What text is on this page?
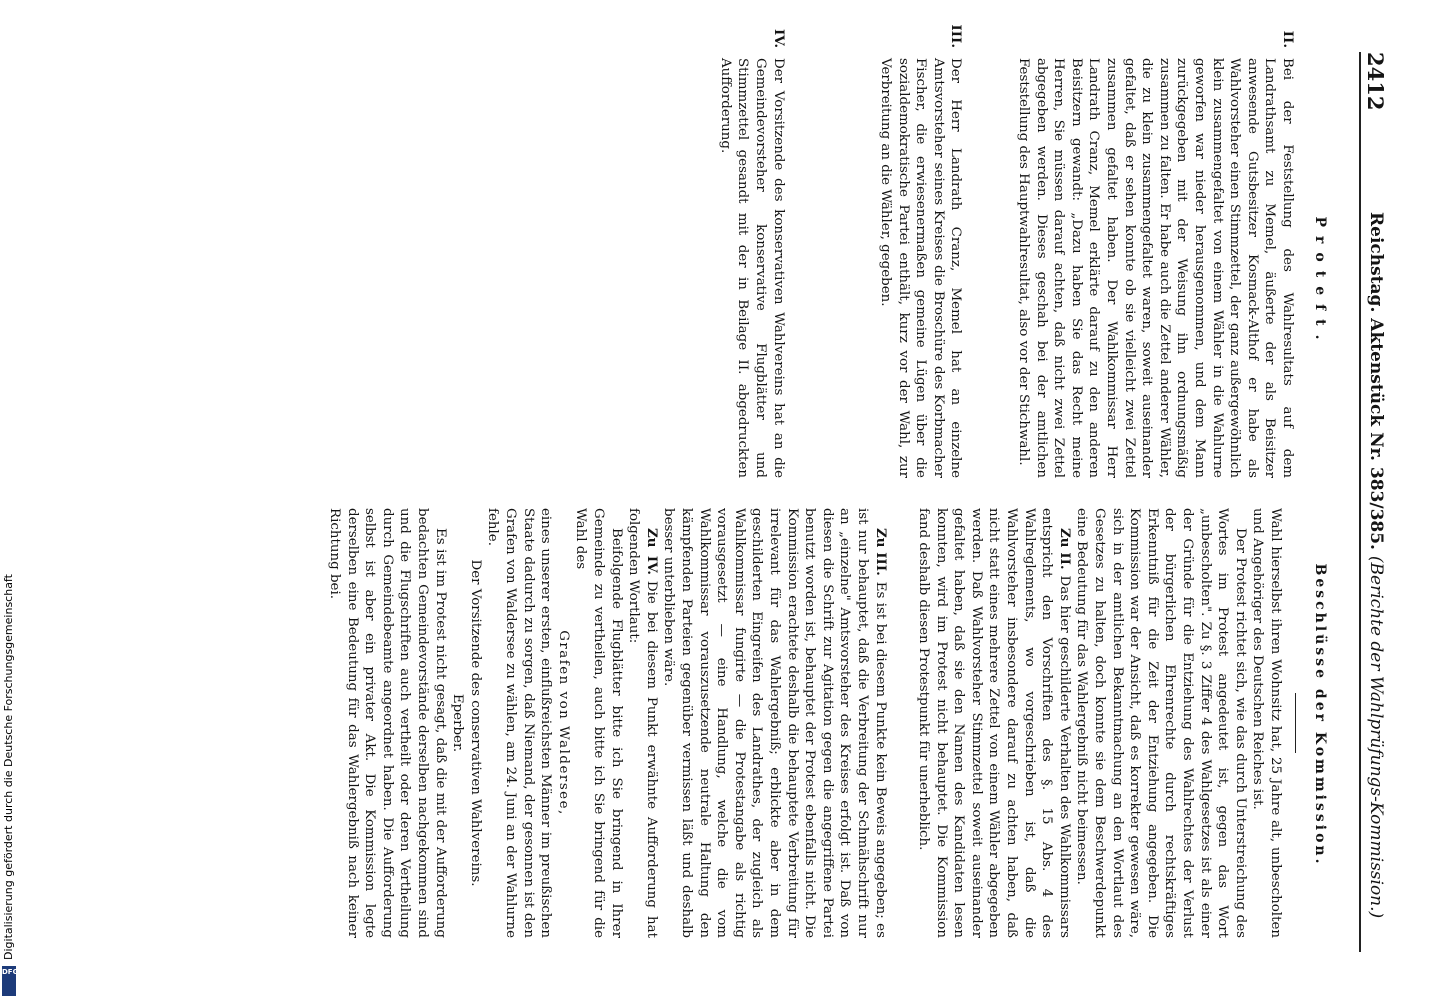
2412
Reichstag. Aktenstück Nr. 383/385. (Berichte der Wahlprüfungs-Kommission.)
Proteft.
Beschlüsse der Kommission.

II.
Bei der Feststellung des Wahlresultats auf dem Landrathsamt zu Memel, äußerte der als Beisitzer anwesende Gutsbesitzer Kosmack-Althof er habe als Wahlvorsteher einen Stimmzettel, der ganz außergewöhnlich klein zusammengefaltet von einem Wähler in die Wahlurne geworfen war nieder herausgenommen, und dem Mann zurückgegeben mit der Weisung ihn ordnungsmäßig zusammen zu falten. Er habe auch die Zettel anderer Wähler, die zu klein zusammengefaltet waren, soweit auseinander gefaltet, daß er sehen konnte ob sie vielleicht zwei Zettel zusammen gefaltet haben. Der Wahlkommissar Herr Landrath Cranz, Memel erklärte darauf zu den anderen Beisitzern gewandt: „Dazu haben Sie das Recht meine Herren, Sie müssen darauf achten, daß nicht zwei Zettel abgegeben werden. Dieses geschah bei der amtlichen Feststellung des Hauptwahlresultat, also vor der Stichwahl.

III.
Der Herr Landrath Cranz, Memel hat an einzelne Amtsvorsteher seines Kreises die Broschüre des Korbmacher Fischer, die erwiesenermaßen gemeine Lügen über die sozialdemokratische Partei enthält, kurz vor der Wahl, zur Verbreitung an die Wähler, gegeben.

IV.
Der Vorsitzende des konservativen Wahlvereins hat an die Gemeindevorsteher konservative Flugblätter und Stimmzettel gesandt mit der in Beilage II. abgedruckten Aufforderung.

Wahl hierselbst ihren Wohnsitz hat, 25 Jahre alt, unbescholten und Angehöriger des Deutschen Reiches ist.

Der Protest richtet sich, wie das durch Unterstreichung des Wortes im Protest angedeutet ist, gegen das Wort „unbescholten". Zu §. 3 Ziffer 4 des Wahlgesetzes ist als einer der Gründe für die Entziehung des Wahlrechtes der Verlust der bürgerlichen Ehrenrechte durch rechtskräftiges Erkenntniß für die Zeit der Entziehung angegeben. Die Kommission war der Ansicht, daß es korrekter gewesen wäre, sich in der amtlichen Bekanntmachung an den Wortlaut des Gesetzes zu halten, doch konnte sie dem Beschwerdepunkt eine Bedeutung für das Wahlergebniß nicht beimessen.

Zu II.Das hier geschilderte Verhalten des Wahlkommissars entspricht den Vorschriften des §. 15 Abs. 4 des Wahlreglements, wo vorgeschrieben ist, daß die Wahlvorsteher insbesondere darauf zu achten haben, daß nicht statt eines mehrere Zettel von einem Wähler abgegeben werden. Daß Wahlvorsteher Stimmzettel soweit auseinander gefaltet haben, daß sie den Namen des Kandidaten lesen konnten, wird im Protest nicht behauptet. Die Kommission fand deshalb diesen Protestpunkt für unerheblich.

Zu III.Es ist bei diesem Punkte kein Beweis angegeben; es ist nur behauptet, daß die Verbreitung der Schmähschrift nur an „einzelne" Amtsvorsteher des Kreises erfolgt ist. Daß von diesen die Schrift zur Agitation gegen die angegriffene Partei benutzt worden ist, behauptet der Protest ebenfalls nicht. Die Kommission erachtete deshalb die behauptete Verbreitung für irrelevant für das Wahlergebniß; erblickte aber in dem geschilderten Eingreifen des Landrathes, der zugleich als Wahlkommissar fungirte — die Protestangabe als richtig vorausgesetzt — eine Handlung, welche die vom Wahlkommissar vorauszusetzende neutrale Haltung den kämpfenden Parteien gegenüber vermissen läßt und deshalb besser unterblieben wäre.

Zu IV.Die bei diesem Punkt erwähnte Aufforderung hat folgenden Wortlaut:

Beifolgende Flugblätter bitte ich Sie bringend in Ihrer Gemeinde zu vertheilen, auch bitte ich Sie bringend für die Wahl des

Grafen von Waldersee,

eines unserer ersten, einflußreichsten Männer im preußischen Staate dadurch zu sorgen, daß Niemand, der gesonnen ist den Grafen von Waldersee zu wählen, am 24. Juni an der Wahlurne fehle.

Der Vorsitzende des conservativen Wahlvereins.

Eperber.

Es ist im Protest nicht gesagt, daß die mit der Aufforderung bedachten Gemeindevorstände derselben nachgekommen sind und die Flugschriften auch vertheilt oder deren Vertheilung durch Gemeindebeamte angeordnet haben. Die Aufforderung selbst ist aber ein privater Akt. Die Kommission legte derselben eine Bedeutung für das Wahlergebniß nach keiner Richtung bei.

Digitalisierung gefördert durch die Deutsche Forschungsgemeinschaft
DFG
